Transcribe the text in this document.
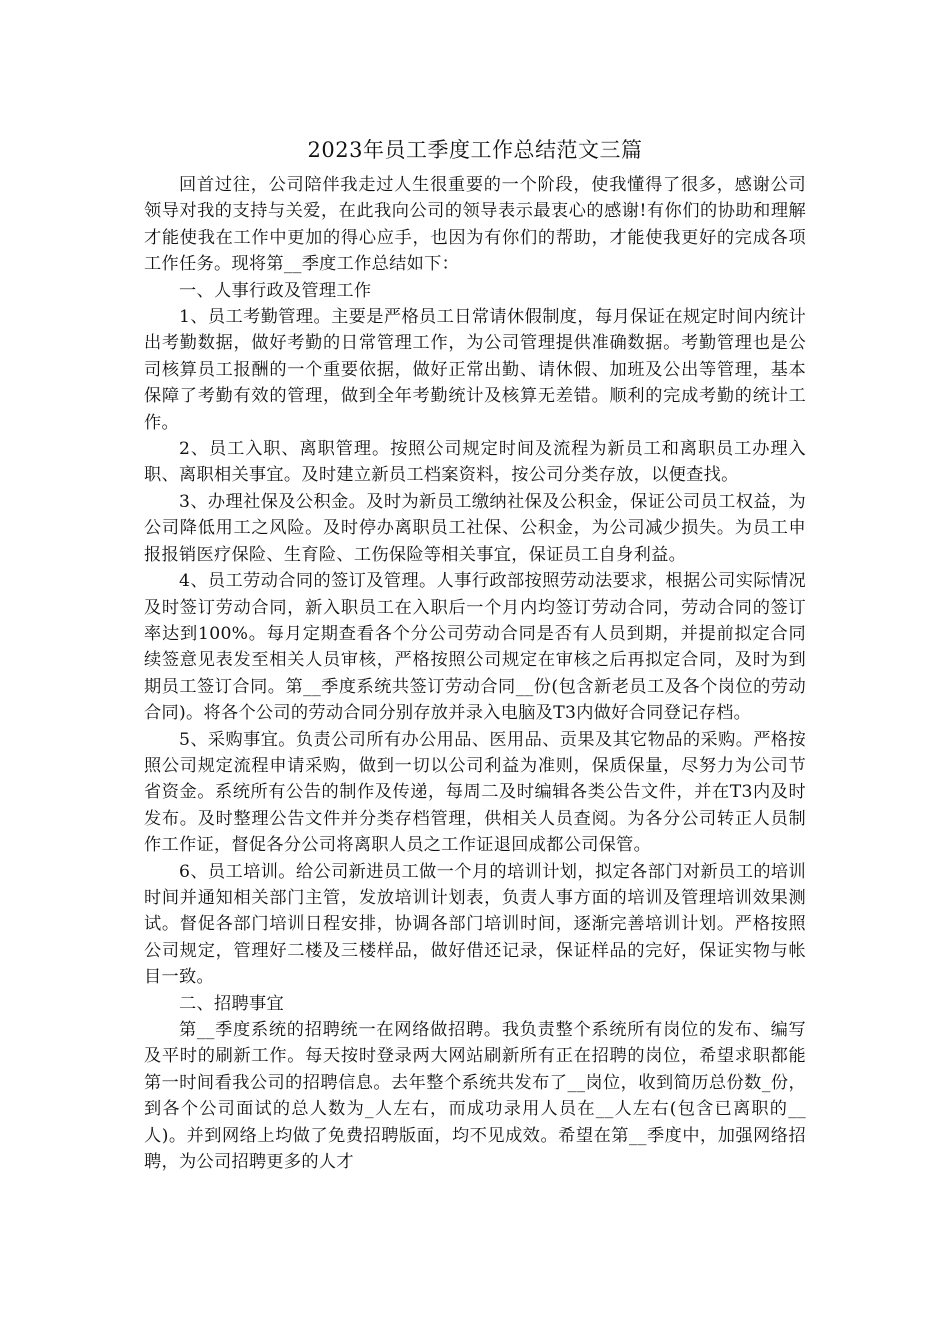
2023年员工季度工作总结范文三篇

回首过往，公司陪伴我走过人生很重要的一个阶段，使我懂得了很多，感谢公司领导对我的支持与关爱，在此我向公司的领导表示最衷心的感谢!有你们的协助和理解才能使我在工作中更加的得心应手，也因为有你们的帮助，才能使我更好的完成各项工作任务。现将第__季度工作总结如下：

一、人事行政及管理工作

1、员工考勤管理。主要是严格员工日常请休假制度，每月保证在规定时间内统计出考勤数据，做好考勤的日常管理工作，为公司管理提供准确数据。考勤管理也是公司核算员工报酬的一个重要依据，做好正常出勤、请休假、加班及公出等管理，基本保障了考勤有效的管理，做到全年考勤统计及核算无差错。顺利的完成考勤的统计工作。

2、员工入职、离职管理。按照公司规定时间及流程为新员工和离职员工办理入职、离职相关事宜。及时建立新员工档案资料，按公司分类存放，以便查找。

3、办理社保及公积金。及时为新员工缴纳社保及公积金，保证公司员工权益，为公司降低用工之风险。及时停办离职员工社保、公积金，为公司减少损失。为员工申报报销医疗保险、生育险、工伤保险等相关事宜，保证员工自身利益。

4、员工劳动合同的签订及管理。人事行政部按照劳动法要求，根据公司实际情况及时签订劳动合同，新入职员工在入职后一个月内均签订劳动合同，劳动合同的签订率达到100%。每月定期查看各个分公司劳动合同是否有人员到期，并提前拟定合同续签意见表发至相关人员审核，严格按照公司规定在审核之后再拟定合同，及时为到期员工签订合同。第__季度系统共签订劳动合同__份(包含新老员工及各个岗位的劳动合同)。将各个公司的劳动合同分别存放并录入电脑及T3内做好合同登记存档。

5、采购事宜。负责公司所有办公用品、医用品、贡果及其它物品的采购。严格按照公司规定流程申请采购，做到一切以公司利益为准则，保质保量，尽努力为公司节省资金。系统所有公告的制作及传递，每周二及时编辑各类公告文件，并在T3内及时发布。及时整理公告文件并分类存档管理，供相关人员查阅。为各分公司转正人员制作工作证，督促各分公司将离职人员之工作证退回成都公司保管。

6、员工培训。给公司新进员工做一个月的培训计划，拟定各部门对新员工的培训时间并通知相关部门主管，发放培训计划表，负责人事方面的培训及管理培训效果测试。督促各部门培训日程安排，协调各部门培训时间，逐渐完善培训计划。严格按照公司规定，管理好二楼及三楼样品，做好借还记录，保证样品的完好，保证实物与帐目一致。

二、招聘事宜

第__季度系统的招聘统一在网络做招聘。我负责整个系统所有岗位的发布、编写及平时的刷新工作。每天按时登录两大网站刷新所有正在招聘的岗位，希望求职都能第一时间看我公司的招聘信息。去年整个系统共发布了__岗位，收到简历总份数_份，到各个公司面试的总人数为_人左右，而成功录用人员在__人左右(包含已离职的__人)。并到网络上均做了免费招聘版面，均不见成效。希望在第__季度中，加强网络招聘，为公司招聘更多的人才
